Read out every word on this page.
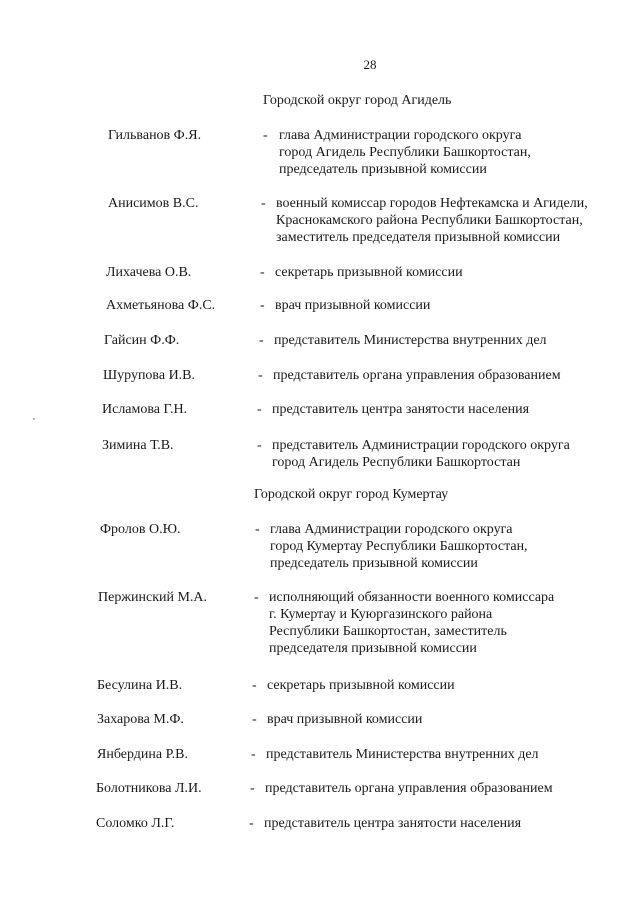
28
Городской округ город Агидель
Гильванов Ф.Я.	- глава Администрации городского округа
город Агидель Республики Башкортостан,
председатель призывной комиссии
Анисимов В.С.	- военный комиссар городов Нефтекамска и Агидели,
Краснокамского района Республики Башкортостан,
заместитель председателя призывной комиссии
Лихачева О.В.	- секретарь призывной комиссии
Ахметьянова Ф.С.	- врач призывной комиссии
Гайсин Ф.Ф.	- представитель Министерства внутренних дел
Шурупова И.В.	- представитель органа управления образованием
Исламова Г.Н.	- представитель центра занятости населения
Зимина Т.В.	- представитель Администрации городского округа
город Агидель Республики Башкортостан
Городской округ город Кумертау
Фролов О.Ю.	- глава Администрации городского округа
город Кумертау Республики Башкортостан,
председатель призывной комиссии
Пержинский М.А.	- исполняющий обязанности военного комиссара
г. Кумертау и Куюргазинского района
Республики Башкортостан, заместитель
председателя призывной комиссии
Бесулина И.В.	- секретарь призывной комиссии
Захарова М.Ф.	- врач призывной комиссии
Янбердина Р.В.	- представитель Министерства внутренних дел
Болотникова Л.И.	- представитель органа управления образованием
Соломко Л.Г.	- представитель центра занятости населения
